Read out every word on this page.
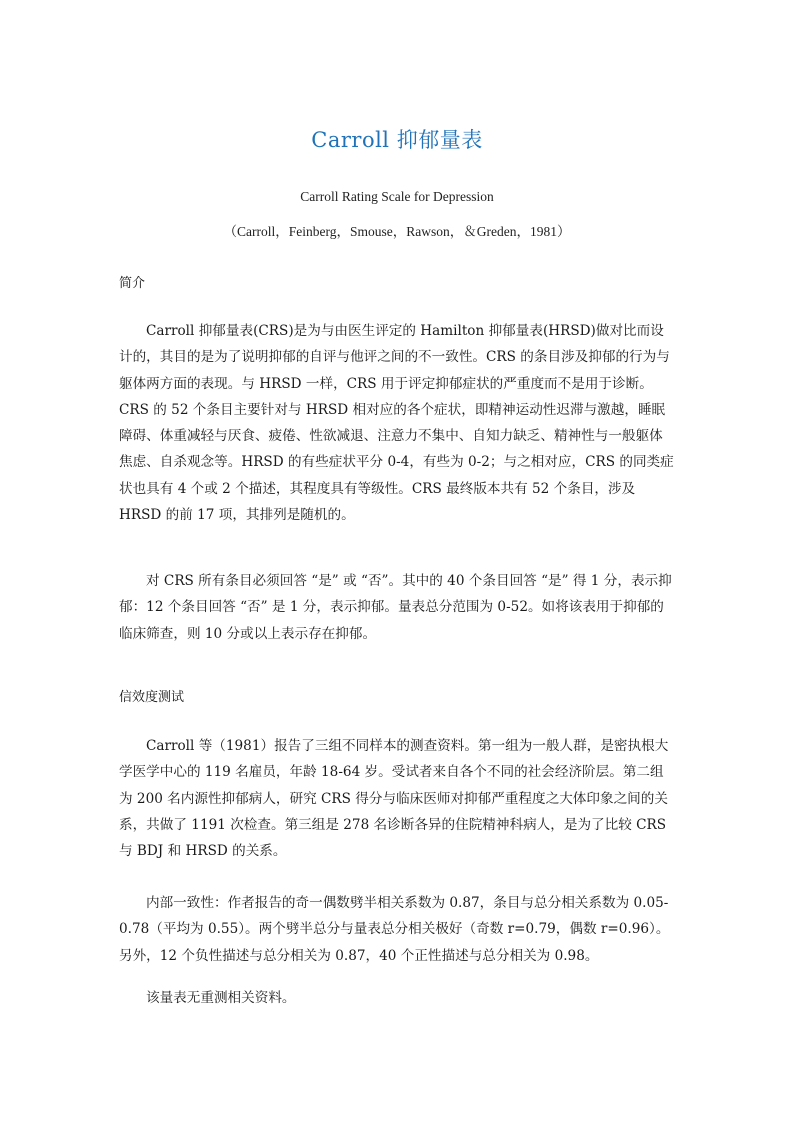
Carroll 抑郁量表
Carroll Rating Scale for Depression
（Carroll，Feinberg，Smouse，Rawson，＆Greden，1981）
简介

Carroll 抑郁量表(CRS)是为与由医生评定的 Hamilton 抑郁量表(HRSD)做对比而设计的，其目的是为了说明抑郁的自评与他评之间的不一致性。CRS 的条目涉及抑郁的行为与躯体两方面的表现。与 HRSD 一样，CRS 用于评定抑郁症状的严重度而不是用于诊断。CRS 的 52 个条目主要针对与 HRSD 相对应的各个症状，即精神运动性迟滞与激越，睡眠障碍、体重减轻与厌食、疲倦、性欲减退、注意力不集中、自知力缺乏、精神性与一般躯体焦虑、自杀观念等。HRSD 的有些症状平分 0-4，有些为 0-2；与之相对应，CRS 的同类症状也具有 4 个或 2 个描述，其程度具有等级性。CRS 最终版本共有 52 个条目，涉及 HRSD 的前 17 项，其排列是随机的。

对 CRS 所有条目必须回答 “是” 或 “否”。其中的 40 个条目回答 “是” 得 1 分，表示抑郁：12 个条目回答 “否” 是 1 分，表示抑郁。量表总分范围为 0-52。如将该表用于抑郁的临床筛查，则 10 分或以上表示存在抑郁。

信效度测试

Carroll 等（1981）报告了三组不同样本的测查资料。第一组为一般人群，是密执根大学医学中心的 119 名雇员，年龄 18-64 岁。受试者来自各个不同的社会经济阶层。第二组为 200 名内源性抑郁病人，研究 CRS 得分与临床医师对抑郁严重程度之大体印象之间的关系，共做了 1191 次检查。第三组是 278 名诊断各异的住院精神科病人，是为了比较 CRS 与 BDJ 和 HRSD 的关系。

内部一致性：作者报告的奇一偶数劈半相关系数为 0.87，条目与总分相关系数为 0.05-0.78（平均为 0.55）。两个劈半总分与量表总分相关极好（奇数 r=0.79，偶数 r=0.96）。另外，12 个负性描述与总分相关为 0.87，40 个正性描述与总分相关为 0.98。

该量表无重测相关资料。
